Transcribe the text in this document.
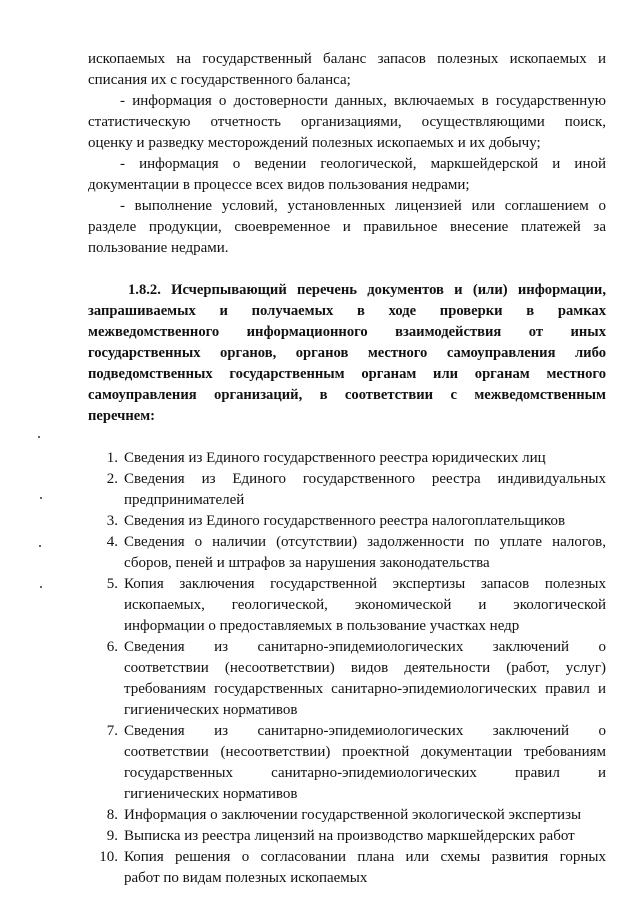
ископаемых на государственный баланс запасов полезных ископаемых и
списания их с государственного баланса;
- информация о достоверности данных, включаемых в государственную
статистическую отчетность организациями, осуществляющими поиск,
оценку и разведку месторождений полезных ископаемых и их добычу;
- информация о ведении геологической, маркшейдерской и иной
документации в процессе всех видов пользования недрами;
- выполнение условий, установленных лицензией или соглашением о
разделе продукции, своевременное и правильное внесение платежей за
пользование недрами.
1.8.2. Исчерпывающий перечень документов и (или) информации,
запрашиваемых и получаемых в ходе проверки в рамках
межведомственного информационного взаимодействия от иных
государственных органов, органов местного самоуправления либо
подведомственных государственным органам или органам местного
самоуправления организаций, в соответствии с межведомственным
перечнем:
1. Сведения из Единого государственного реестра юридических лиц
2. Сведения из Единого государственного реестра индивидуальных
предпринимателей
3. Сведения из Единого государственного реестра налогоплательщиков
4. Сведения о наличии (отсутствии) задолженности по уплате налогов,
сборов, пеней и штрафов за нарушения законодательства
5. Копия заключения государственной экспертизы запасов полезных
ископаемых, геологической, экономической и экологической
информации о предоставляемых в пользование участках недр
6. Сведения из санитарно-эпидемиологических заключений о
соответствии (несоответствии) видов деятельности (работ, услуг)
требованиям государственных санитарно-эпидемиологических правил и
гигиенических нормативов
7. Сведения из санитарно-эпидемиологических заключений о
соответствии (несоответствии) проектной документации требованиям
государственных санитарно-эпидемиологических правил и
гигиенических нормативов
8. Информация о заключении государственной экологической экспертизы
9. Выписка из реестра лицензий на производство маркшейдерских работ
10. Копия решения о согласовании плана или схемы развития горных
работ по видам полезных ископаемых
